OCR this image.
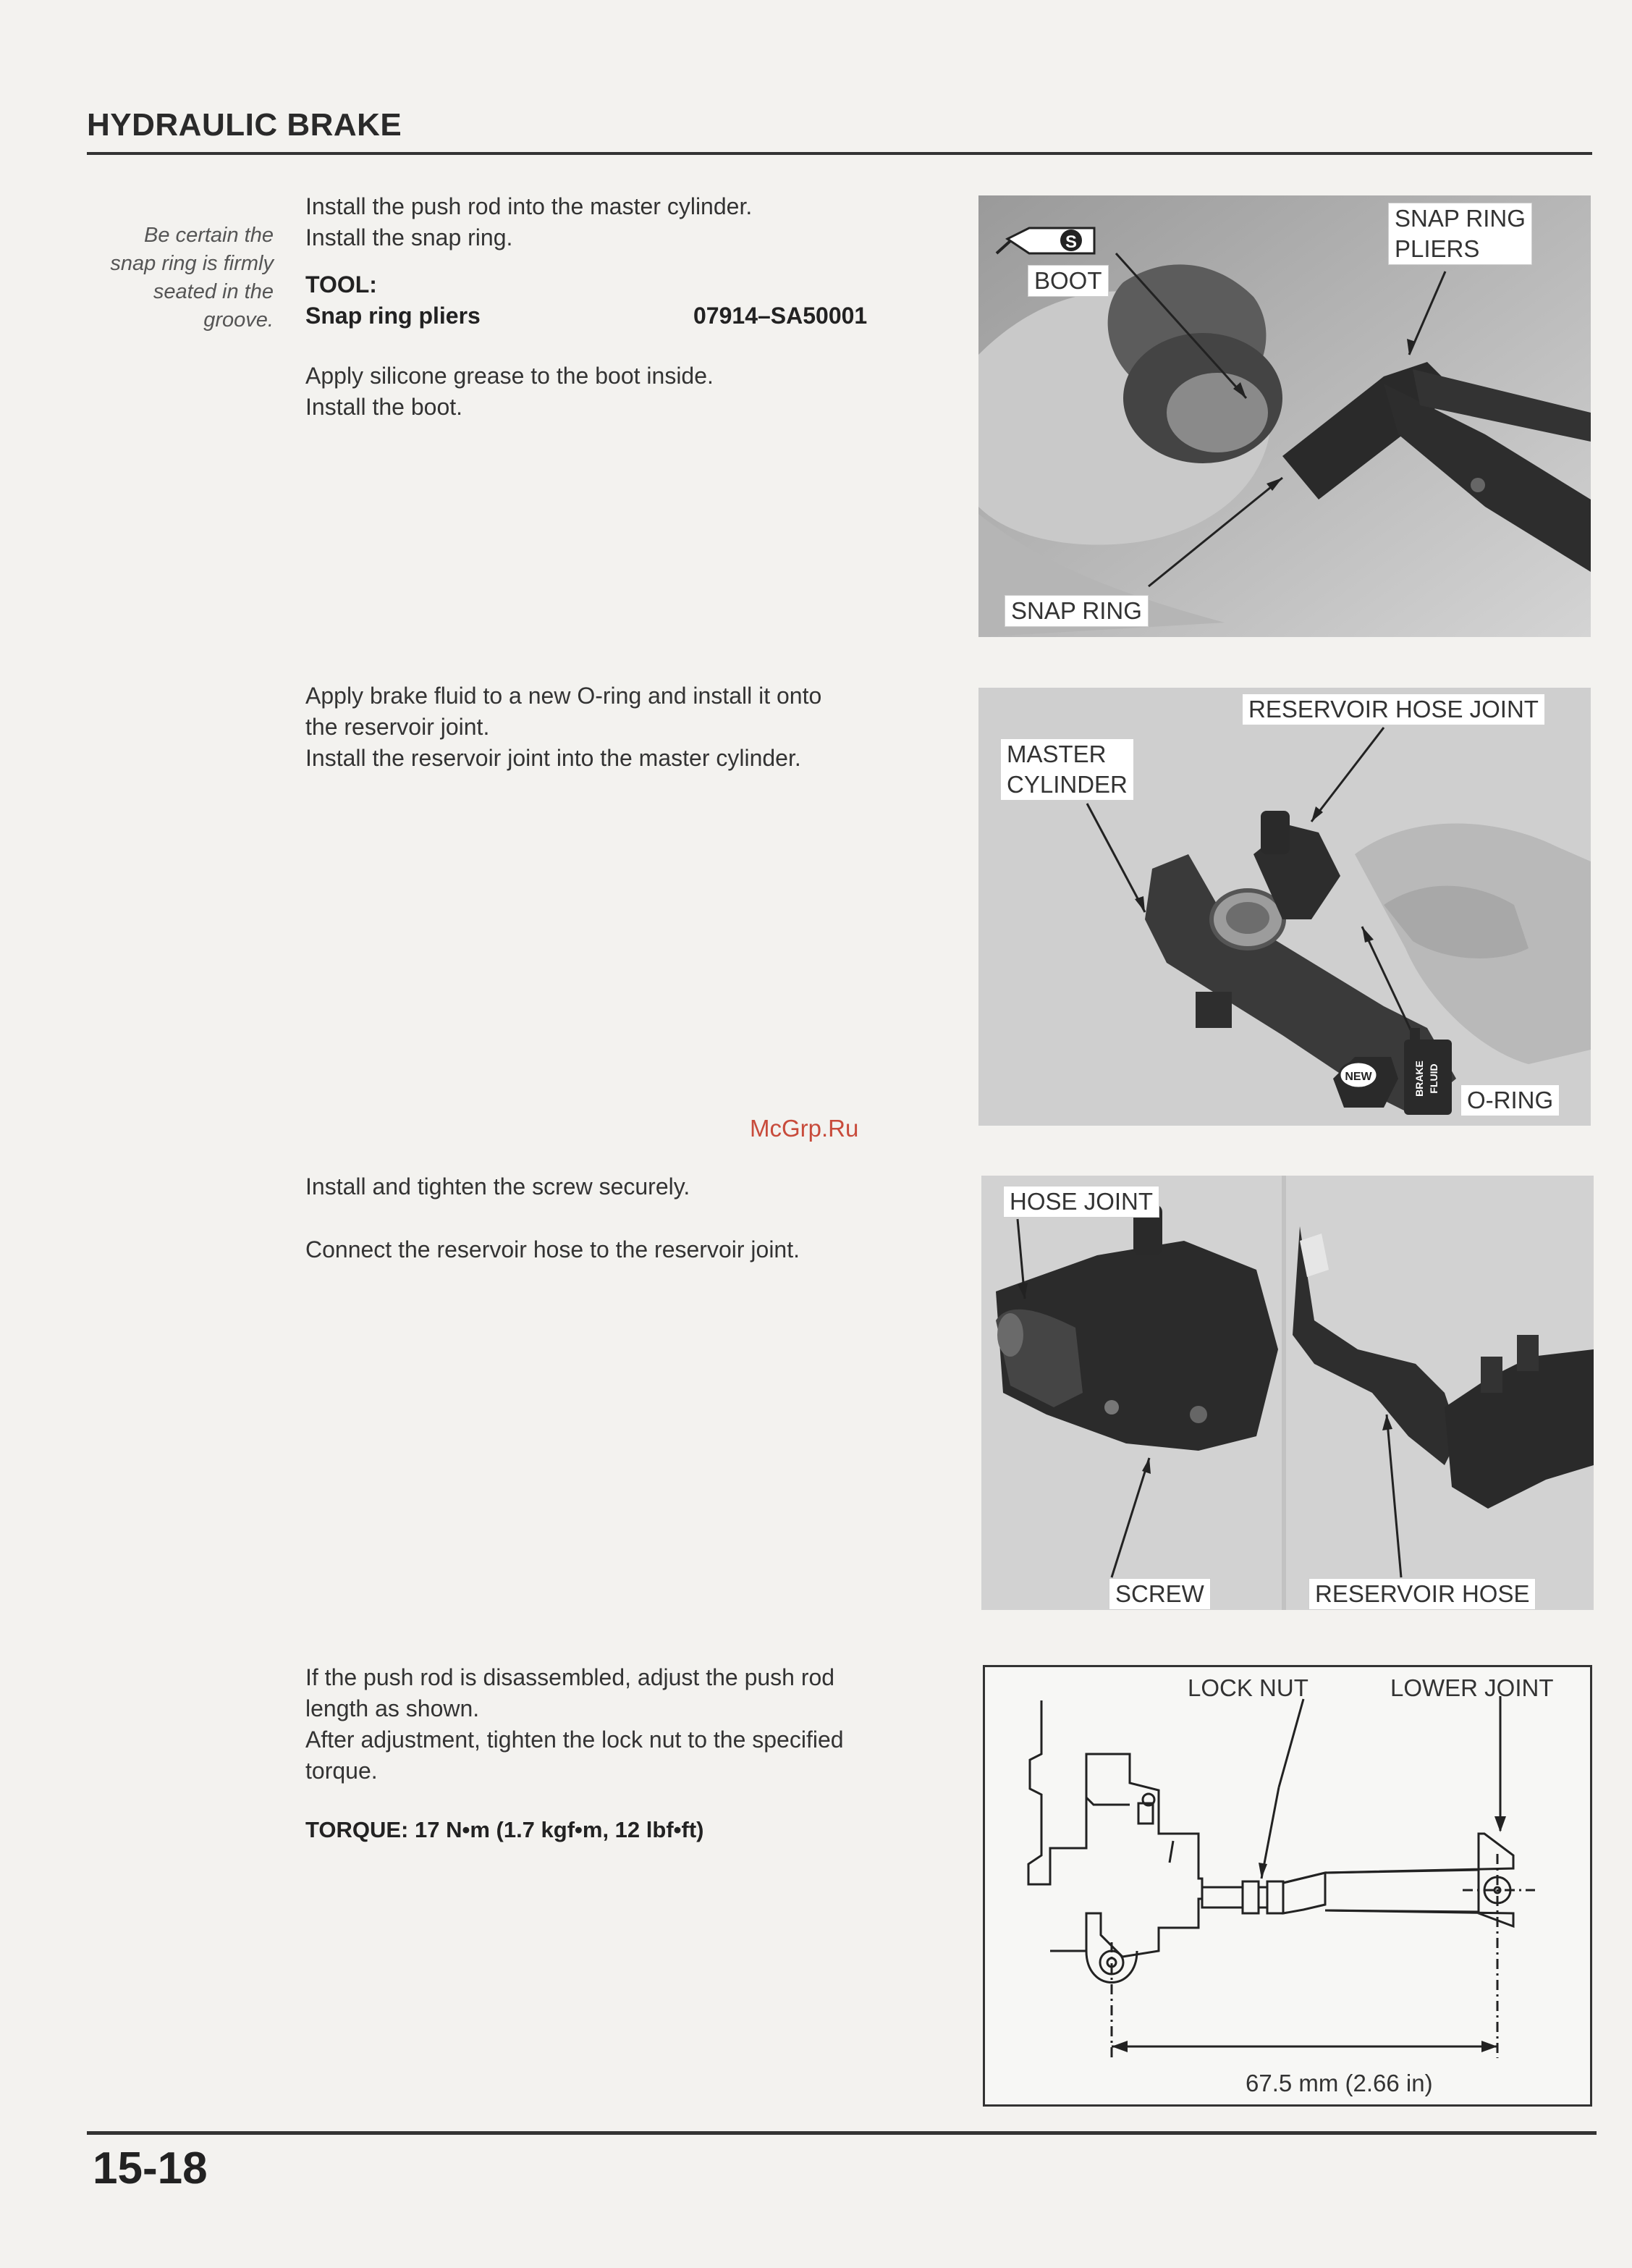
HYDRAULIC BRAKE
Be certain the
snap ring is firmly
seated in the
groove.
Install the push rod into the master cylinder.
Install the snap ring.
TOOL:
Snap ring pliers	07914–SA50001
Apply silicone grease to the boot inside.
Install the boot.
S
BOOT
SNAP RING
PLIERS
SNAP RING
Apply brake fluid to a new O-ring and install it onto
the reservoir joint.
Install the reservoir joint into the master cylinder.
NEW	BRAKE FLUID
RESERVOIR HOSE JOINT
MASTER
CYLINDER
O-RING
McGrp.Ru
Install and tighten the screw securely.
Connect the reservoir hose to the reservoir joint.
HOSE JOINT
SCREW	RESERVOIR HOSE
If the push rod is disassembled, adjust the push rod
length as shown.
After adjustment, tighten the lock nut to the specified
torque.
TORQUE: 17 N•m (1.7 kgf•m, 12 lbf•ft)
LOCK NUT	LOWER JOINT
67.5 mm (2.66 in)
15-18
